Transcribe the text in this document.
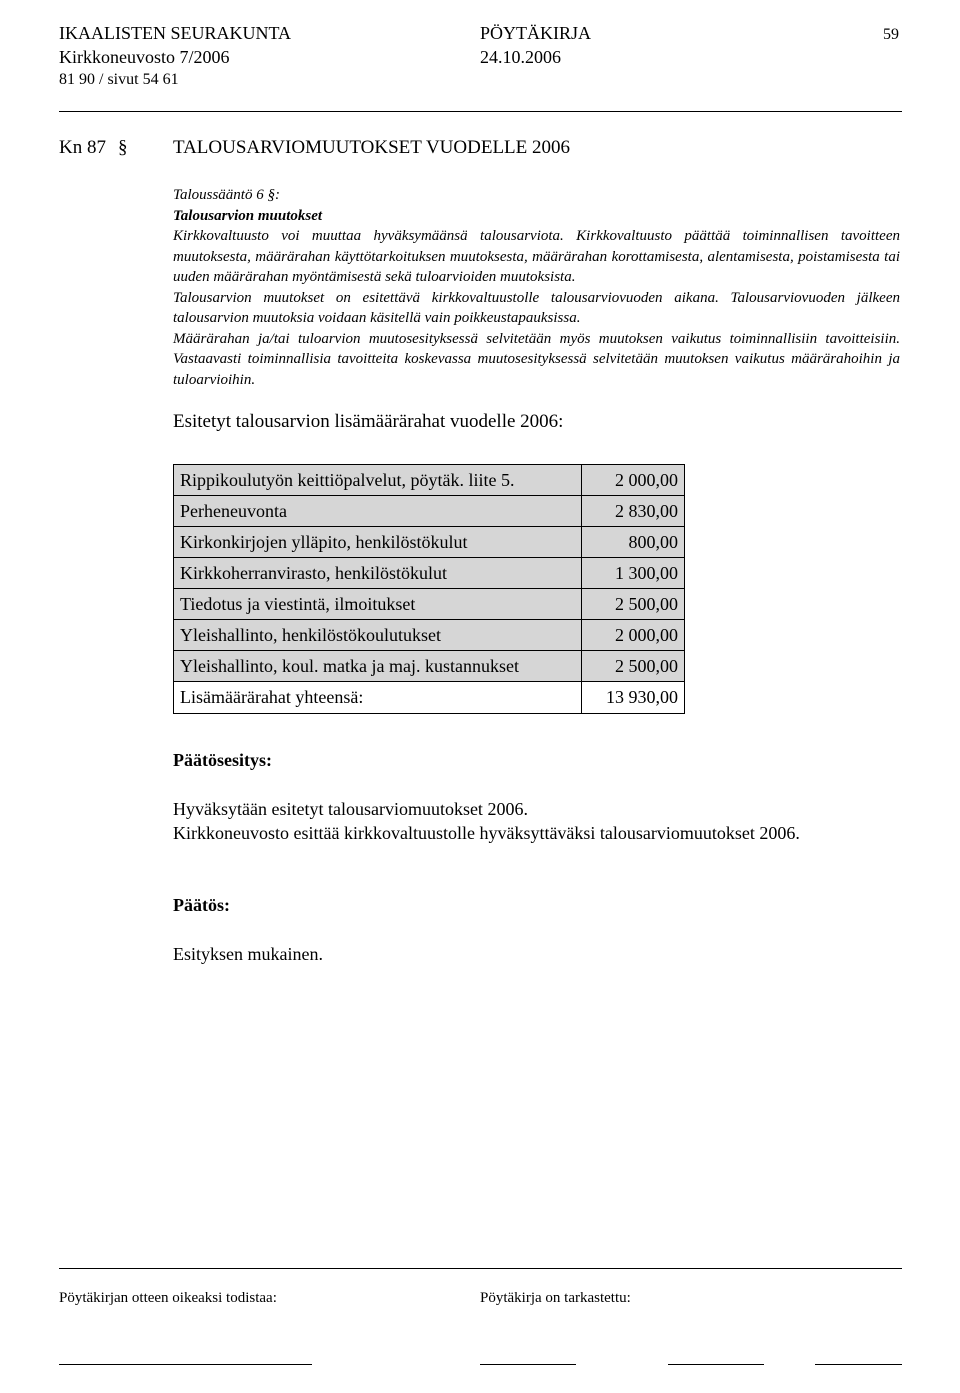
IKAALISTEN SEURAKUNTA	PÖYTÄKIRJA	59
Kirkkoneuvosto 7/2006	24.10.2006
81 90 / sivut 54 61
Kn 87 § TALOUSARVIOMUUTOKSET VUODELLE 2006

Taloussääntö 6 §:

Talousarvion muutokset

Kirkkovaltuusto voi muuttaa hyväksymäänsä talousarviota. Kirkkovaltuusto päättää toiminnallisen tavoitteen muutoksesta, määrärahan käyttötarkoituksen muutoksesta, määrärahan korottamisesta, alentamisesta, poistamisesta tai uuden määrärahan myöntämisestä sekä tuloarvioiden muutoksista.

Talousarvion muutokset on esitettävä kirkkovaltuustolle talousarviovuoden aikana. Talousarviovuoden jälkeen talousarvion muutoksia voidaan käsitellä vain poikkeustapauksissa.

Määrärahan ja/tai tuloarvion muutosesityksessä selvitetään myös muutoksen vaikutus toiminnallisiin tavoitteisiin. Vastaavasti toiminnallisia tavoitteita koskevassa muutosesityksessä selvitetään muutoksen vaikutus määrärahoihin ja tuloarvioihin.

Esitetyt talousarvion lisämäärärahat vuodelle 2006:
Rippikoulutyön keittiöpalvelut, pöytäk. liite 5.	2 000,00
Perheneuvonta	2 830,00
Kirkonkirjojen ylläpito, henkilöstökulut	800,00
Kirkkoherranvirasto, henkilöstökulut	1 300,00
Tiedotus ja viestintä, ilmoitukset	2 500,00
Yleishallinto, henkilöstökoulutukset	2 000,00
Yleishallinto, koul. matka ja maj. kustannukset	2 500,00
Lisämäärärahat yhteensä:	13 930,00
Päätösesitys:
Hyväksytään esitetyt talousarviomuutokset 2006.
Kirkkoneuvosto esittää kirkkovaltuustolle hyväksyttäväksi talousarviomuutokset 2006.
Päätös:
Esityksen mukainen.
Pöytäkirjan otteen oikeaksi todistaa:	Pöytäkirja on tarkastettu:
